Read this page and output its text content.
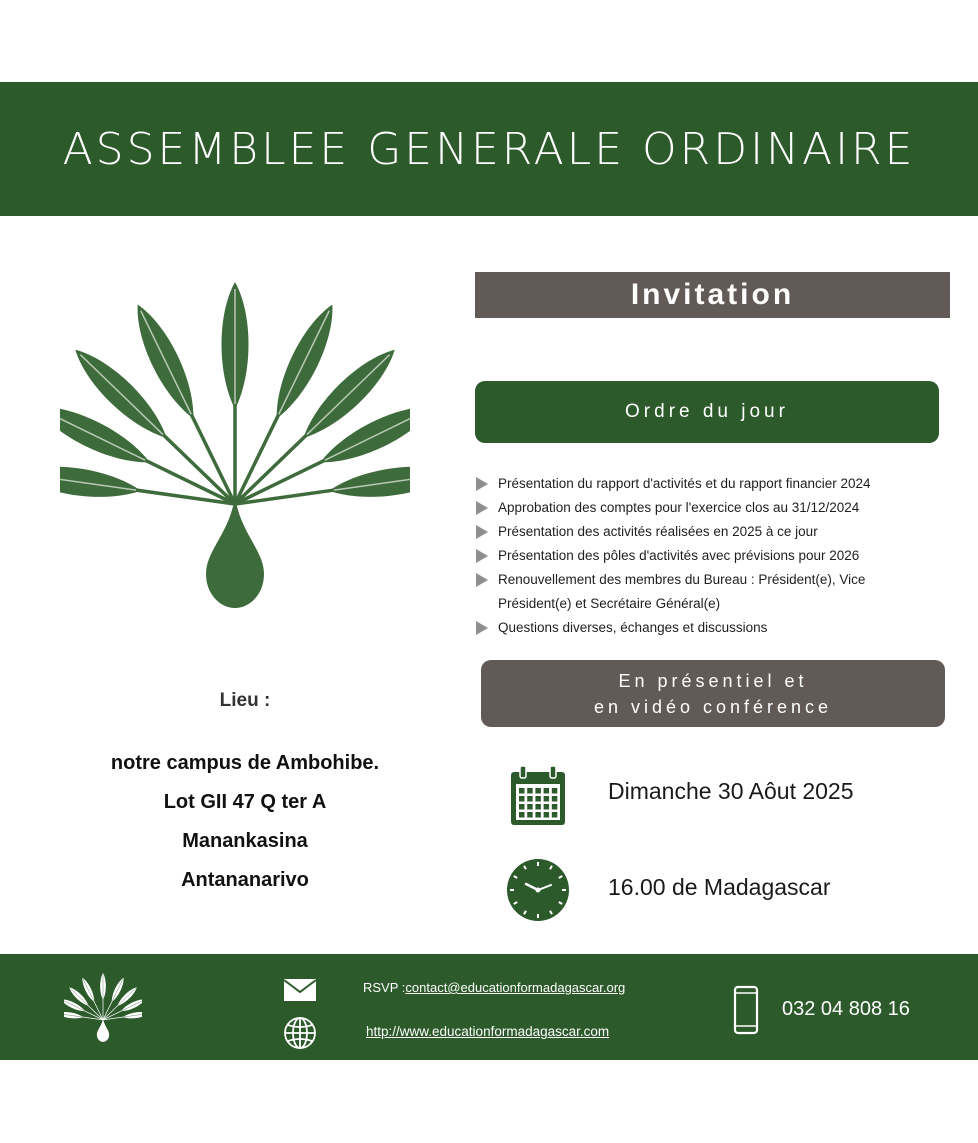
ASSEMBLEE GENERALE ORDINAIRE
Invitation
Ordre du jour
Présentation du rapport d'activités et du rapport financier 2024
Approbation des comptes pour l'exercice clos au 31/12/2024
Présentation des activités réalisées en 2025 à ce jour
Présentation des pôles d'activités avec prévisions pour 2026
Renouvellement des membres du Bureau : Président(e), Vice
Président(e) et Secrétaire Général(e)
Questions diverses, échanges et discussions
En présentiel et
en vidéo conférence
Dimanche 30 Aôut 2025
16.00 de Madagascar
Lieu :
notre campus de Ambohibe.
Lot GII 47 Q ter A
Manankasina
Antananarivo
RSVP :contact@educationformadagascar.org
http://www.educationformadagascar.com
032 04 808 16
